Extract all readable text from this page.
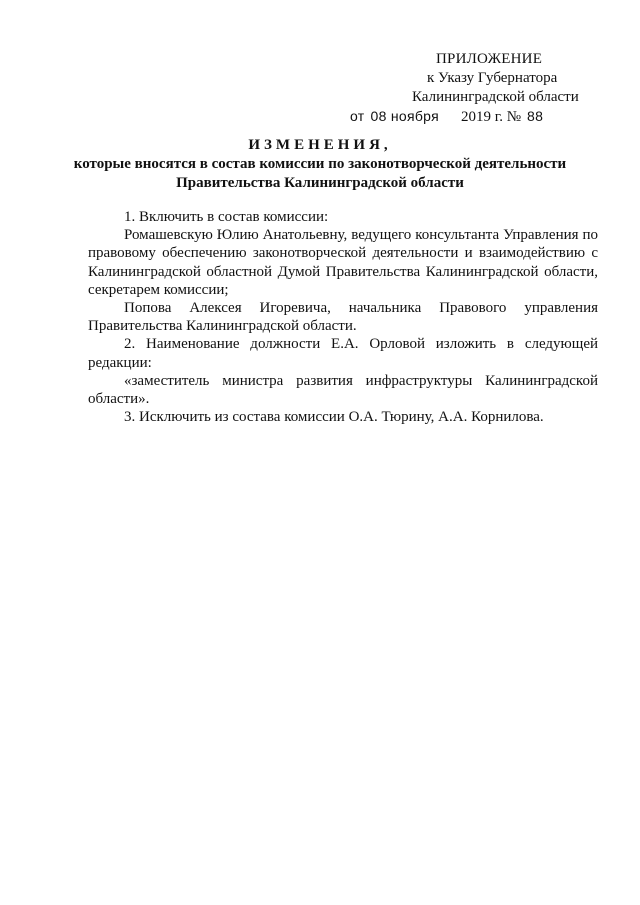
ПРИЛОЖЕНИЕ
к Указу Губернатора
Калининградской области
от 08 ноября 2019 г. № 88
ИЗМЕНЕНИЯ,
которые вносятся в состав комиссии по законотворческой деятельности
Правительства Калининградской области

1. Включить в состав комиссии:

Ромашевскую Юлию Анатольевну, ведущего консультанта Управления по правовому обеспечению законотворческой деятельности и взаимодействию с Калининградской областной Думой Правительства Калининградской области, секретарем комиссии;

Попова Алексея Игоревича, начальника Правового управления Правительства Калининградской области.

2. Наименование должности Е.А. Орловой изложить в следующей редакции:

«заместитель министра развития инфраструктуры Калининградской области».

3. Исключить из состава комиссии О.А. Тюрину, А.А. Корнилова.
